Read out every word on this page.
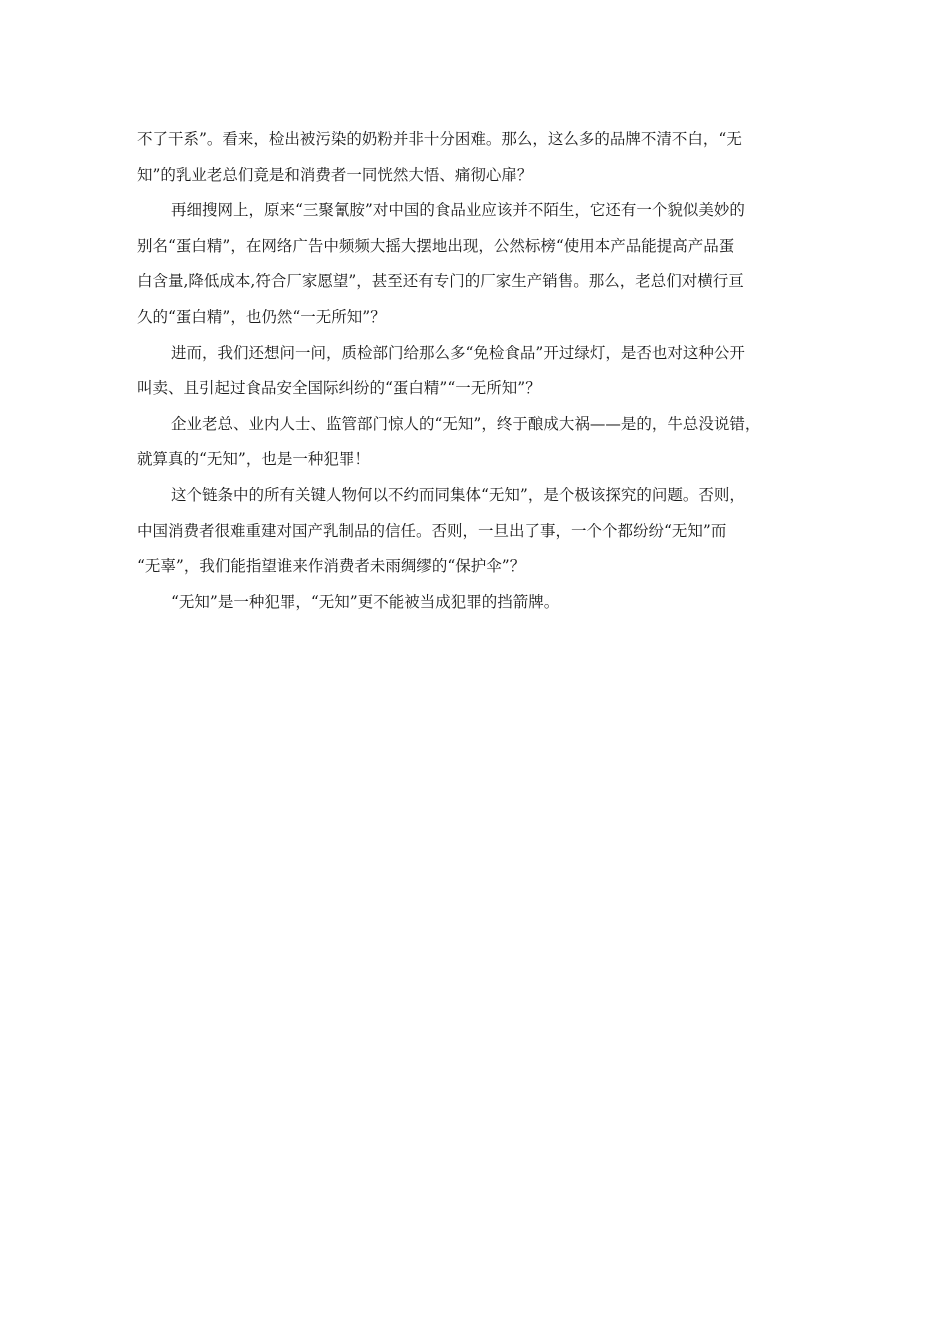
不了干系”。看来，检出被污染的奶粉并非十分困难。那么，这么多的品牌不清不白，“无
知”的乳业老总们竟是和消费者一同恍然大悟、痛彻心扉？
再细搜网上，原来“三聚氰胺”对中国的食品业应该并不陌生，它还有一个貌似美妙的
别名“蛋白精”，在网络广告中频频大摇大摆地出现，公然标榜“使用本产品能提高产品蛋
白含量,降低成本,符合厂家愿望”，甚至还有专门的厂家生产销售。那么，老总们对横行亘
久的“蛋白精”，也仍然“一无所知”？
进而，我们还想问一问，质检部门给那么多“免检食品”开过绿灯，是否也对这种公开
叫卖、且引起过食品安全国际纠纷的“蛋白精”“一无所知”？
企业老总、业内人士、监管部门惊人的“无知”，终于酿成大祸——是的，牛总没说错，
就算真的“无知”，也是一种犯罪！
这个链条中的所有关键人物何以不约而同集体“无知”，是个极该探究的问题。否则，
中国消费者很难重建对国产乳制品的信任。否则，一旦出了事，一个个都纷纷“无知”而
“无辜”，我们能指望谁来作消费者未雨绸缪的“保护伞”？
“无知”是一种犯罪，“无知”更不能被当成犯罪的挡箭牌。
